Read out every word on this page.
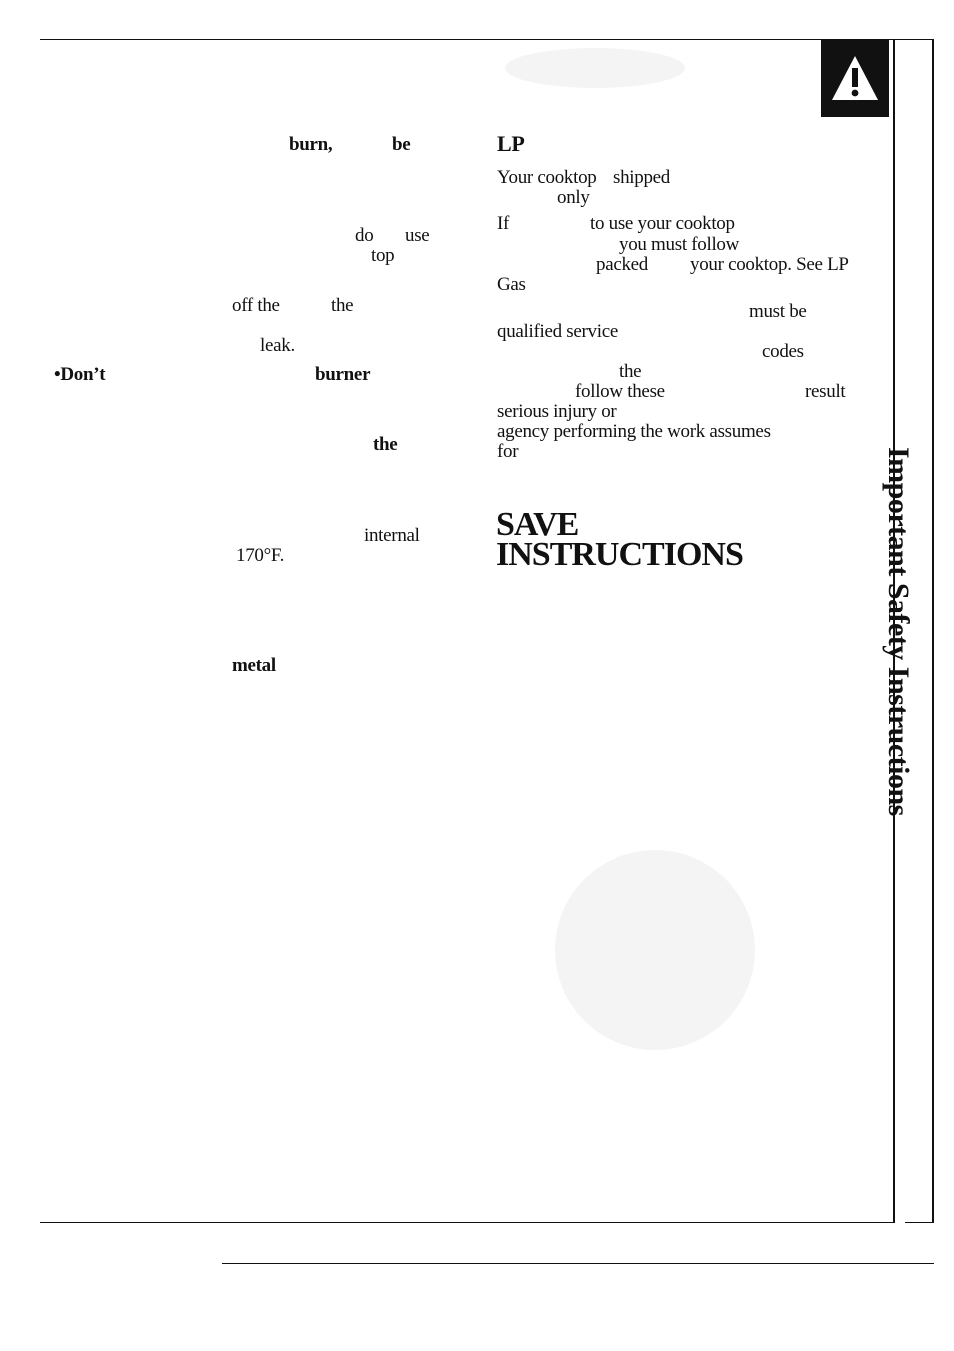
burn,	be
do use
top
off the	the
leak.
•Don’t	burner
the
internal
170°F.
metal
LP
Your cooktop shipped
only
If	to use your cooktop
you must follow
packed your cooktop. See LP
Gas
must be
qualified service
codes
the
follow these	result
serious injury or
agency performing the work assumes
for
SAVE
INSTRUCTIONS	Important Safety Instructions
